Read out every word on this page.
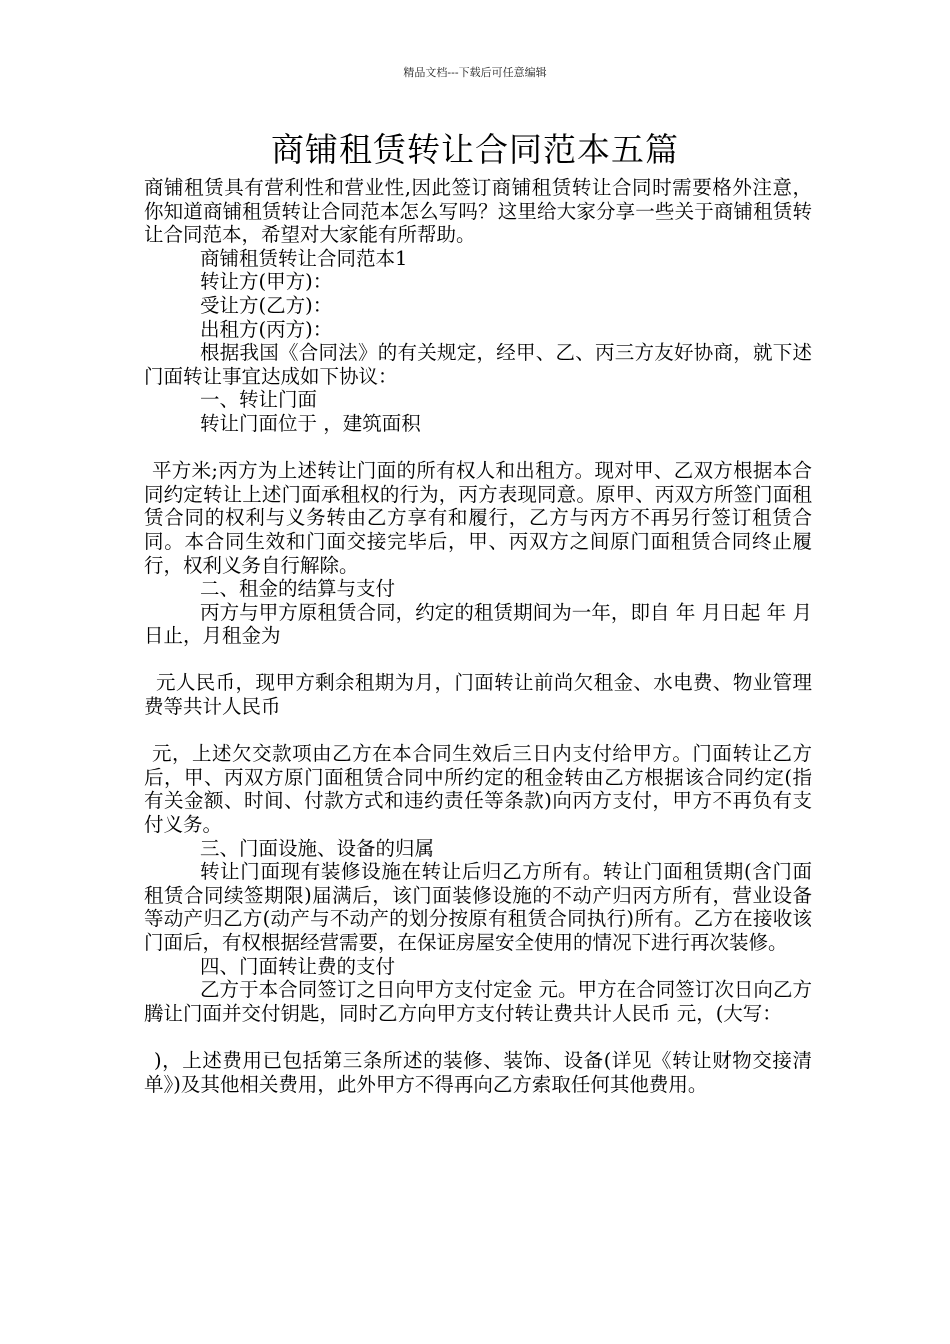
精品文档---下载后可任意编辑
商铺租赁转让合同范本五篇

商铺租赁具有营利性和营业性,因此签订商铺租赁转让合同时需要格外注意，你知道商铺租赁转让合同范本怎么写吗？这里给大家分享一些关于商铺租赁转让合同范本，希望对大家能有所帮助。

商铺租赁转让合同范本1

转让方(甲方)：

受让方(乙方)：

出租方(丙方)：

根据我国《合同法》的有关规定，经甲、乙、丙三方友好协商，就下述门面转让事宜达成如下协议：

一、转让门面

转让门面位于 ，建筑面积

平方米;丙方为上述转让门面的所有权人和出租方。现对甲、乙双方根据本合同约定转让上述门面承租权的行为，丙方表现同意。原甲、丙双方所签门面租赁合同的权利与义务转由乙方享有和履行，乙方与丙方不再另行签订租赁合同。本合同生效和门面交接完毕后，甲、丙双方之间原门面租赁合同终止履行，权利义务自行解除。

二、租金的结算与支付

丙方与甲方原租赁合同，约定的租赁期间为一年，即自 年 月日起 年 月 日止，月租金为

元人民币，现甲方剩余租期为月，门面转让前尚欠租金、水电费、物业管理费等共计人民币

元，上述欠交款项由乙方在本合同生效后三日内支付给甲方。门面转让乙方后，甲、丙双方原门面租赁合同中所约定的租金转由乙方根据该合同约定(指有关金额、时间、付款方式和违约责任等条款)向丙方支付，甲方不再负有支付义务。

三、门面设施、设备的归属

转让门面现有装修设施在转让后归乙方所有。转让门面租赁期(含门面租赁合同续签期限)届满后，该门面装修设施的不动产归丙方所有，营业设备等动产归乙方(动产与不动产的划分按原有租赁合同执行)所有。乙方在接收该门面后，有权根据经营需要，在保证房屋安全使用的情况下进行再次装修。

四、门面转让费的支付

乙方于本合同签订之日向甲方支付定金 元。甲方在合同签订次日向乙方腾让门面并交付钥匙，同时乙方向甲方支付转让费共计人民币 元，(大写：

)，上述费用已包括第三条所述的装修、装饰、设备(详见《转让财物交接清单》)及其他相关费用，此外甲方不得再向乙方索取任何其他费用。
